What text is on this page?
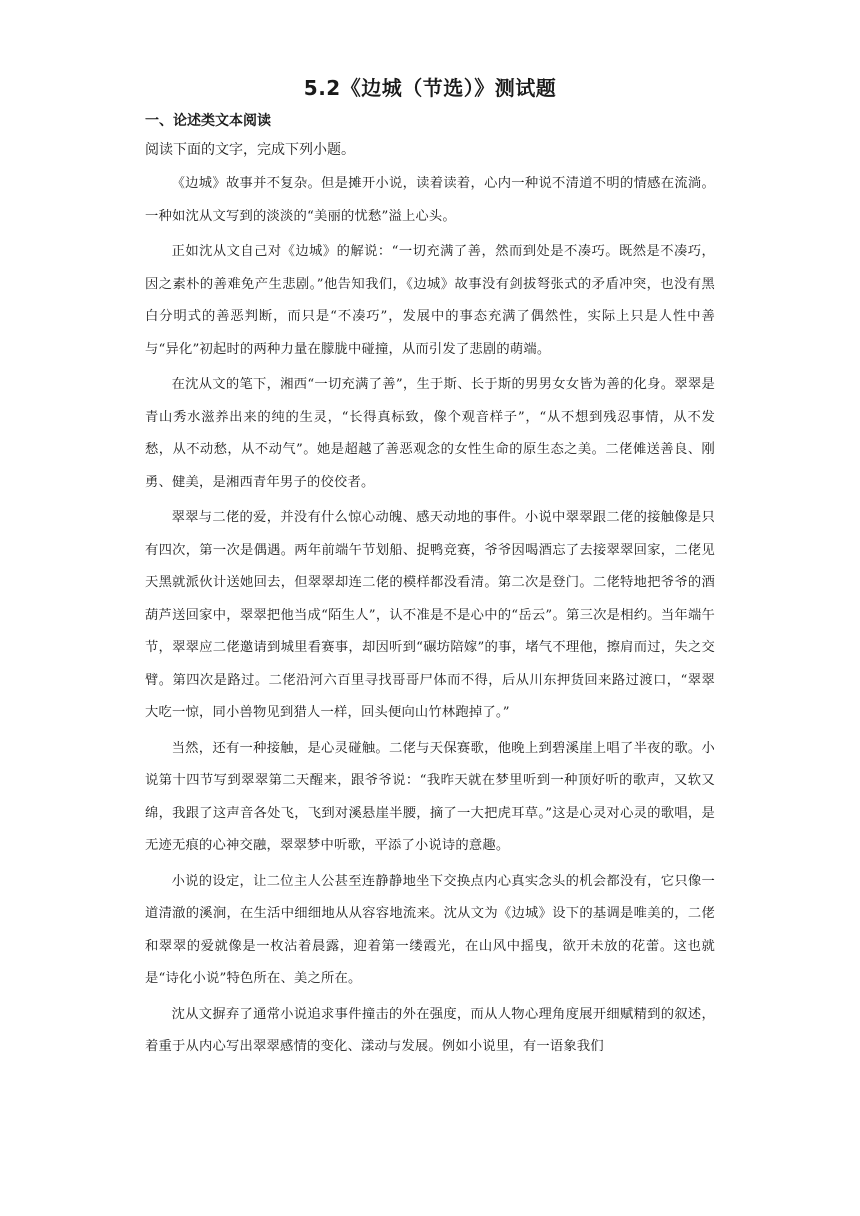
5.2《边城（节选）》测试题

一、论述类文本阅读

阅读下面的文字，完成下列小题。

《边城》故事并不复杂。但是摊开小说，读着读着，心内一种说不清道不明的情感在流淌。一种如沈从文写到的淡淡的“美丽的忧愁”溢上心头。

正如沈从文自己对《边城》的解说：“一切充满了善，然而到处是不凑巧。既然是不凑巧，因之素朴的善难免产生悲剧。”他告知我们，《边城》故事没有剑拔弩张式的矛盾冲突，也没有黑白分明式的善恶判断，而只是“不凑巧”，发展中的事态充满了偶然性，实际上只是人性中善与“异化”初起时的两种力量在朦胧中碰撞，从而引发了悲剧的萌端。

在沈从文的笔下，湘西“一切充满了善”，生于斯、长于斯的男男女女皆为善的化身。翠翠是青山秀水滋养出来的纯的生灵，“长得真标致，像个观音样子”，“从不想到残忍事情，从不发愁，从不动愁，从不动气”。她是超越了善恶观念的女性生命的原生态之美。二佬傩送善良、刚勇、健美，是湘西青年男子的佼佼者。

翠翠与二佬的爱，并没有什么惊心动魄、感天动地的事件。小说中翠翠跟二佬的接触像是只有四次，第一次是偶遇。两年前端午节划船、捉鸭竞赛，爷爷因喝酒忘了去接翠翠回家，二佬见天黑就派伙计送她回去，但翠翠却连二佬的模样都没看清。第二次是登门。二佬特地把爷爷的酒葫芦送回家中，翠翠把他当成“陌生人”，认不准是不是心中的“岳云”。第三次是相约。当年端午节，翠翠应二佬邀请到城里看赛事，却因听到“碾坊陪嫁”的事，堵气不理他，擦肩而过，失之交臂。第四次是路过。二佬沿河六百里寻找哥哥尸体而不得，后从川东押货回来路过渡口，“翠翠大吃一惊，同小兽物见到猎人一样，回头便向山竹林跑掉了。”

当然，还有一种接触，是心灵碰触。二佬与天保赛歌，他晚上到碧溪崖上唱了半夜的歌。小说第十四节写到翠翠第二天醒来，跟爷爷说：“我昨天就在梦里听到一种顶好听的歌声，又软又绵，我跟了这声音各处飞，飞到对溪悬崖半腰，摘了一大把虎耳草。”这是心灵对心灵的歌唱，是无迹无痕的心神交融，翠翠梦中听歌，平添了小说诗的意趣。

小说的设定，让二位主人公甚至连静静地坐下交换点内心真实念头的机会都没有，它只像一道清澈的溪涧，在生活中细细地从从容容地流来。沈从文为《边城》设下的基调是唯美的，二佬和翠翠的爱就像是一枚沾着晨露，迎着第一缕霞光，在山风中摇曳，欲开未放的花蕾。这也就是“诗化小说”特色所在、美之所在。

沈从文摒弃了通常小说追求事件撞击的外在强度，而从人物心理角度展开细赋精到的叙述，着重于从内心写出翠翠感情的变化、漾动与发展。例如小说里，有一语象我们
